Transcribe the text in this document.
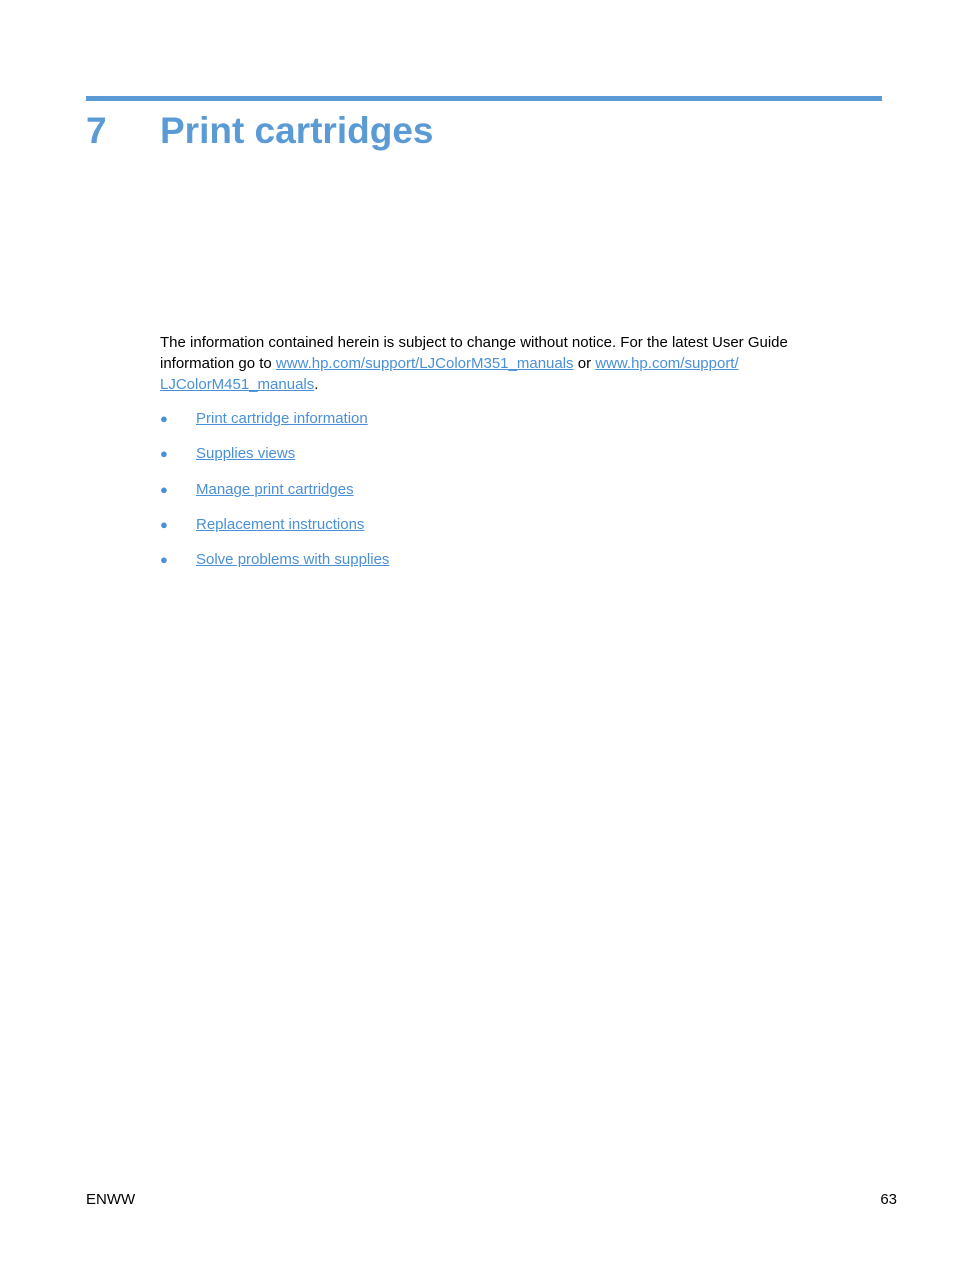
7 Print cartridges
The information contained herein is subject to change without notice. For the latest User Guide information go to www.hp.com/support/LJColorM351_manuals or www.hp.com/support/
LJColorM451_manuals.
● Print cartridge information
● Supplies views
● Manage print cartridges
● Replacement instructions
● Solve problems with supplies
ENWW	63
